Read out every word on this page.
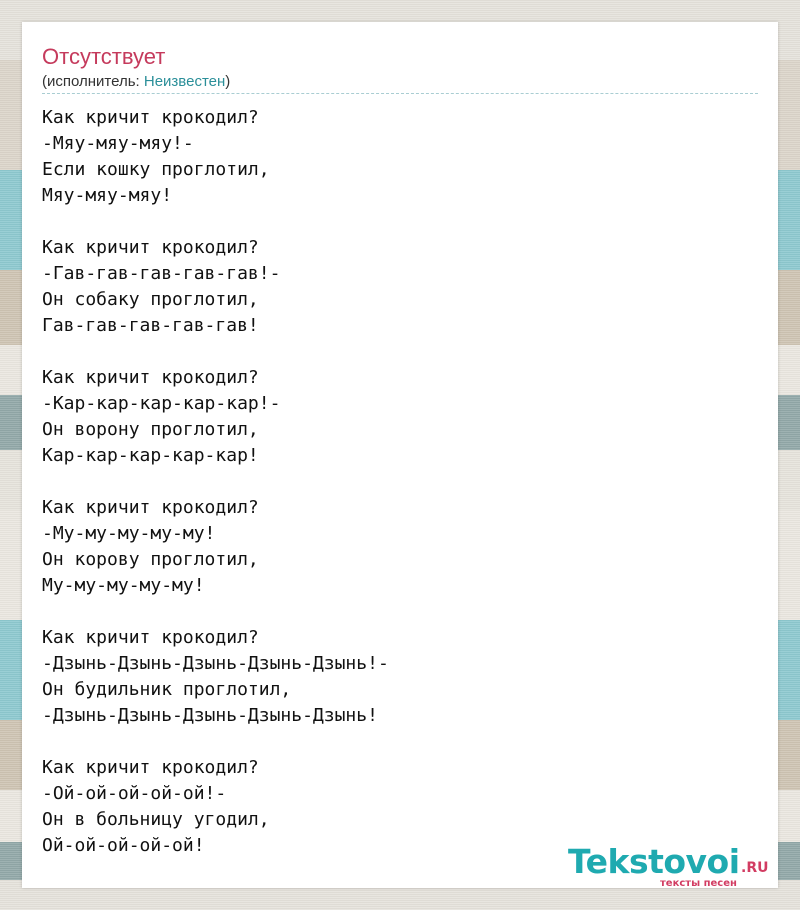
Отсутствует
(исполнитель: Неизвестен)
Как кричит крокодил?
-Мяу-мяу-мяу!-
Если кошку проглотил,
Мяу-мяу-мяу!

Как кричит крокодил?
-Гав-гав-гав-гав-гав!-
Он собаку проглотил,
Гав-гав-гав-гав-гав!

Как кричит крокодил?
-Кар-кар-кар-кар-кар!-
Он ворону проглотил,
Кар-кар-кар-кар-кар!

Как кричит крокодил?
-Му-му-му-му-му!
Он корову проглотил,
Му-му-му-му-му!

Как кричит крокодил?
-Дзынь-Дзынь-Дзынь-Дзынь-Дзынь!-
Он будильник проглотил,
-Дзынь-Дзынь-Дзынь-Дзынь-Дзынь!

Как кричит крокодил?
-Ой-ой-ой-ой-ой!-
Он в больницу угодил,
Ой-ой-ой-ой-ой!	Tekstovoi .RU
тексты песен
